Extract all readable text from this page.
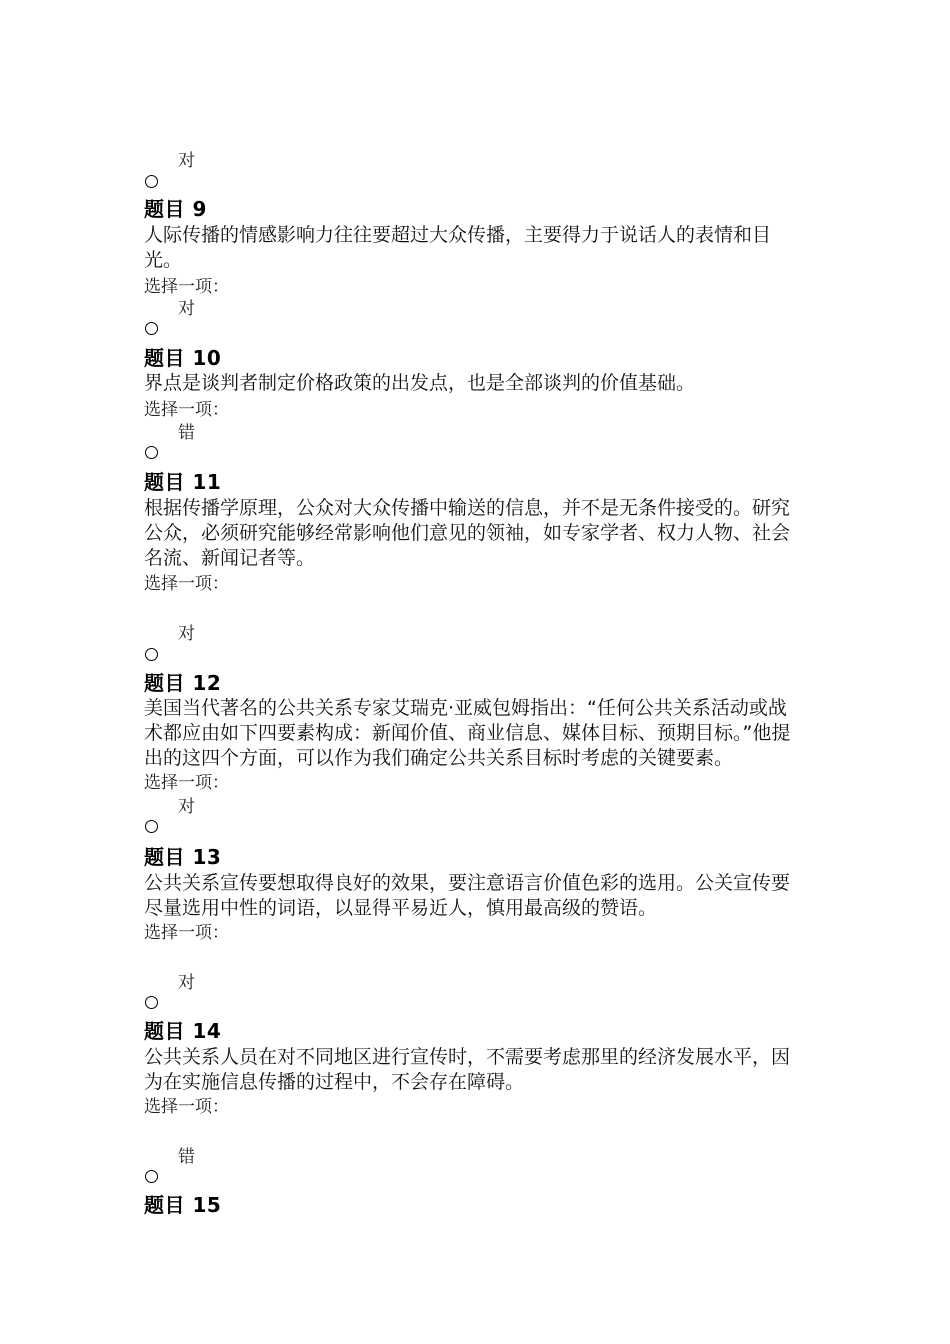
对
题目 9
人际传播的情感影响力往往要超过大众传播，主要得力于说话人的表情和目
光。
选择一项：
对
题目 10
界点是谈判者制定价格政策的出发点，也是全部谈判的价值基础。
选择一项：
错
题目 11
根据传播学原理，公众对大众传播中输送的信息，并不是无条件接受的。研究
公众，必须研究能够经常影响他们意见的领袖，如专家学者、权力人物、社会
名流、新闻记者等。
选择一项：
对
题目 12
美国当代著名的公共关系专家艾瑞克·亚威包姆指出：“任何公共关系活动或战
术都应由如下四要素构成：新闻价值、商业信息、媒体目标、预期目标。”他提
出的这四个方面，可以作为我们确定公共关系目标时考虑的关键要素。
选择一项：
对
题目 13
公共关系宣传要想取得良好的效果，要注意语言价值色彩的选用。公关宣传要
尽量选用中性的词语，以显得平易近人，慎用最高级的赞语。
选择一项：
对
题目 14
公共关系人员在对不同地区进行宣传时，不需要考虑那里的经济发展水平，因
为在实施信息传播的过程中，不会存在障碍。
选择一项：
错
题目 15
